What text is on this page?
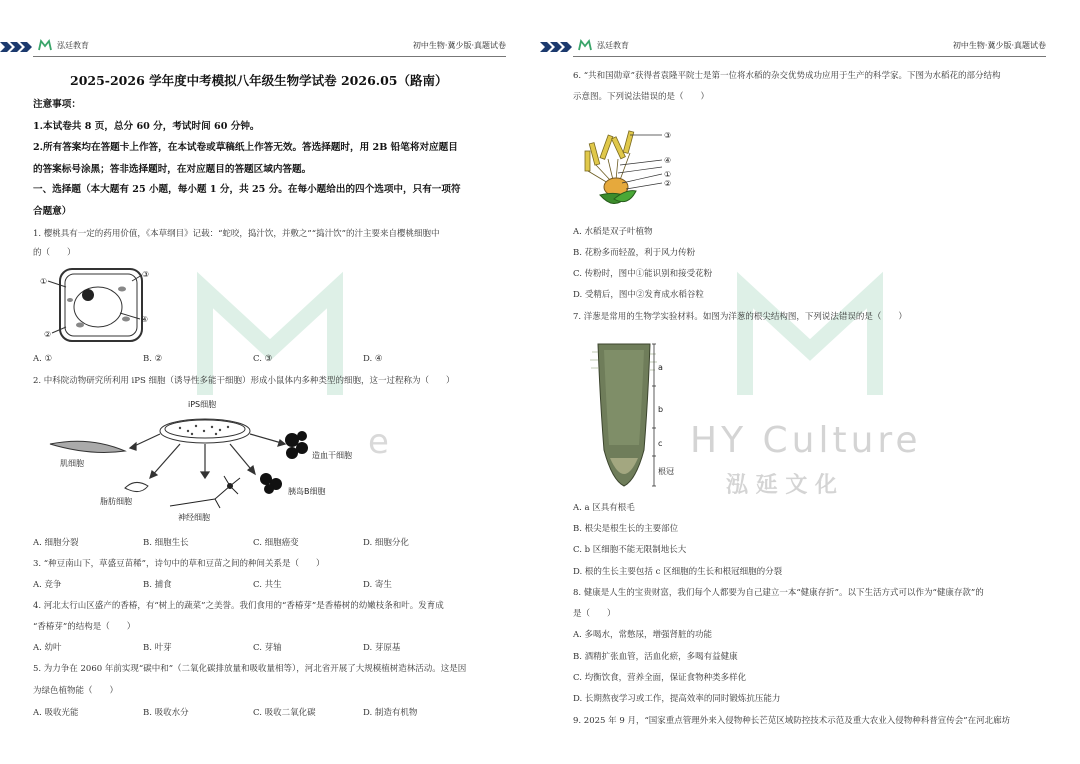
泓廷教育	初中生物·冀少版·真题试卷
e
2025-2026 学年度中考模拟八年级生物学试卷 2026.05（路南）
注意事项：
1.本试卷共 8 页，总分 60 分，考试时间 60 分钟。
2.所有答案均在答题卡上作答，在本试卷或草稿纸上作答无效。答选择题时，用 2B 铅笔将对应题目
的答案标号涂黑；答非选择题时，在对应题目的答题区域内答题。
一、选择题（本大题有 25 小题，每小题 1 分，共 25 分。在每小题给出的四个选项中，只有一项符
合题意）
1. 樱桃具有一定的药用价值，《本草纲目》记载：“蛇咬，捣汁饮，并敷之”“捣汁饮”的汁主要来自樱桃细胞中
的（　　）
①
②
③
④
A. ①	B. ②	C. ③	D. ④
2. 中科院动物研究所利用 iPS 细胞（诱导性多能干细胞）形成小鼠体内多种类型的细胞，这一过程称为（　　）
iPS细胞
肌细胞
脂肪细胞
神经细胞
胰岛B细胞
造血干细胞
A. 细胞分裂	B. 细胞生长	C. 细胞癌变	D. 细胞分化
3. “种豆南山下，草盛豆苗稀”，诗句中的草和豆苗之间的种间关系是（　　）
A. 竞争	B. 捕食	C. 共生	D. 寄生
4. 河北太行山区盛产的香椿，有“树上的蔬菜”之美誉。我们食用的“香椿芽”是香椿树的幼嫩枝条和叶。发育成
“香椿芽”的结构是（　　）
A. 幼叶	B. 叶芽	C. 芽轴	D. 芽原基
5. 为力争在 2060 年前实现“碳中和”（二氧化碳排放量和吸收量相等），河北省开展了大规模植树造林活动。这是因
为绿色植物能（　　）
A. 吸收光能	B. 吸收水分	C. 吸收二氧化碳	D. 制造有机物
泓廷教育	初中生物·冀少版·真题试卷
HY Culture
泓 延 文 化
6. “共和国勋章”获得者袁隆平院士是第一位将水稻的杂交优势成功应用于生产的科学家。下图为水稻花的部分结构
示意图。下列说法错误的是（　　）
③
④
①
②
A. 水稻是双子叶植物
B. 花粉多而轻盈，利于风力传粉
C. 传粉时，图中①能识别和接受花粉
D. 受精后，图中②发育成水稻谷粒
7. 洋葱是常用的生物学实验材料。如图为洋葱的根尖结构图，下列说法错误的是（　　）
a
b
c
根冠
A. a 区具有根毛
B. 根尖是根生长的主要部位
C. b 区细胞不能无限制地长大
D. 根的生长主要包括 c 区细胞的生长和根冠细胞的分裂
8. 健康是人生的宝贵财富，我们每个人都要为自己建立一本“健康存折”。以下生活方式可以作为“健康存款”的
是（　　）
A. 多喝水，常憋尿，增强肾脏的功能
B. 酒精扩张血管，活血化瘀，多喝有益健康
C. 均衡饮食，营养全面，保证食物种类多样化
D. 长期熬夜学习或工作，提高效率的同时锻炼抗压能力
9. 2025 年 9 月，“国家重点管理外来入侵物种长芒苋区域防控技术示范及重大农业入侵物种科普宣传会”在河北廊坊
